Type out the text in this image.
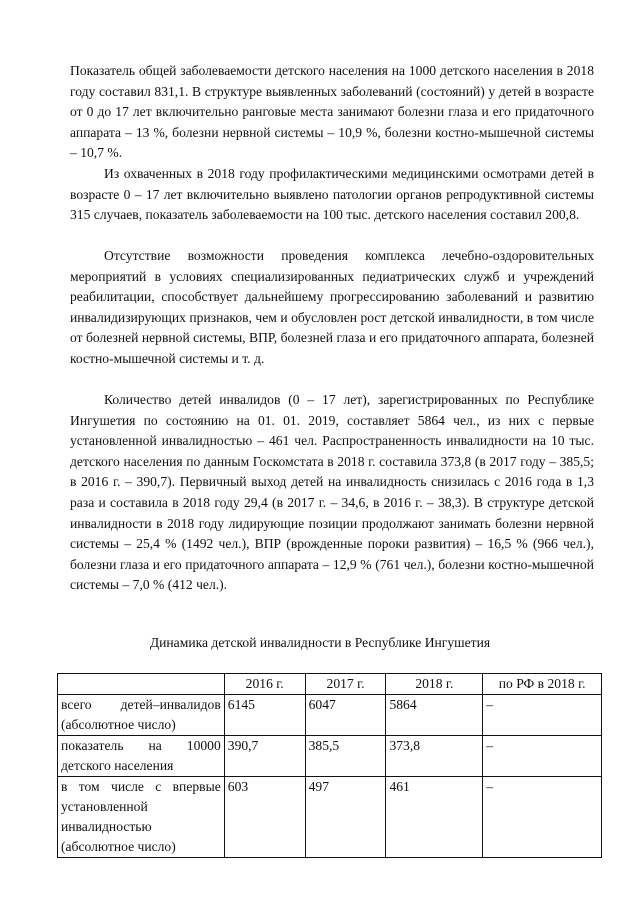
Показатель общей заболеваемости детского населения на 1000 детского населения в 2018 году составил 831,1. В структуре выявленных заболеваний (состояний) у детей в возрасте от 0 до 17 лет включительно ранговые места занимают болезни глаза и его придаточного аппарата – 13 %, болезни нервной системы – 10,9 %, болезни костно-мышечной системы – 10,7 %.

Из охваченных в 2018 году профилактическими медицинскими осмотрами детей в возрасте 0 – 17 лет включительно выявлено патологии органов репродуктивной системы 315 случаев, показатель заболеваемости на 100 тыс. детского населения составил 200,8.

Отсутствие возможности проведения комплекса лечебно-оздоровительных мероприятий в условиях специализированных педиатрических служб и учреждений реабилитации, способствует дальнейшему прогрессированию заболеваний и развитию инвалидизирующих признаков, чем и обусловлен рост детской инвалидности, в том числе от болезней нервной системы, ВПР, болезней глаза и его придаточного аппарата, болезней костно-мышечной системы и т. д.

Количество детей инвалидов (0 – 17 лет), зарегистрированных по Республике Ингушетия по состоянию на 01. 01. 2019, составляет 5864 чел., из них с первые установленной инвалидностью – 461 чел. Распространенность инвалидности на 10 тыс. детского населения по данным Госкомстата в 2018 г. составила 373,8 (в 2017 году – 385,5; в 2016 г. – 390,7). Первичный выход детей на инвалидность снизилась с 2016 года в 1,3 раза и составила в 2018 году 29,4 (в 2017 г. – 34,6, в 2016 г. – 38,3). В структуре детской инвалидности в 2018 году лидирующие позиции продолжают занимать болезни нервной системы – 25,4 % (1492 чел.), ВПР (врожденные пороки развития) – 16,5 % (966 чел.), болезни глаза и его придаточного аппарата – 12,9 % (761 чел.), болезни костно-мышечной системы – 7,0 % (412 чел.).

Динамика детской инвалидности в Республике Ингушетия
	2016 г.	2017 г.	2018 г.	по РФ в 2018 г.
всего детей–инвалидов (абсолютное число)	6145	6047	5864	–
показатель на 10000 детского населения	390,7	385,5	373,8	–
в том числе с впервые установленной инвалидностью (абсолютное число)	603	497	461	–
